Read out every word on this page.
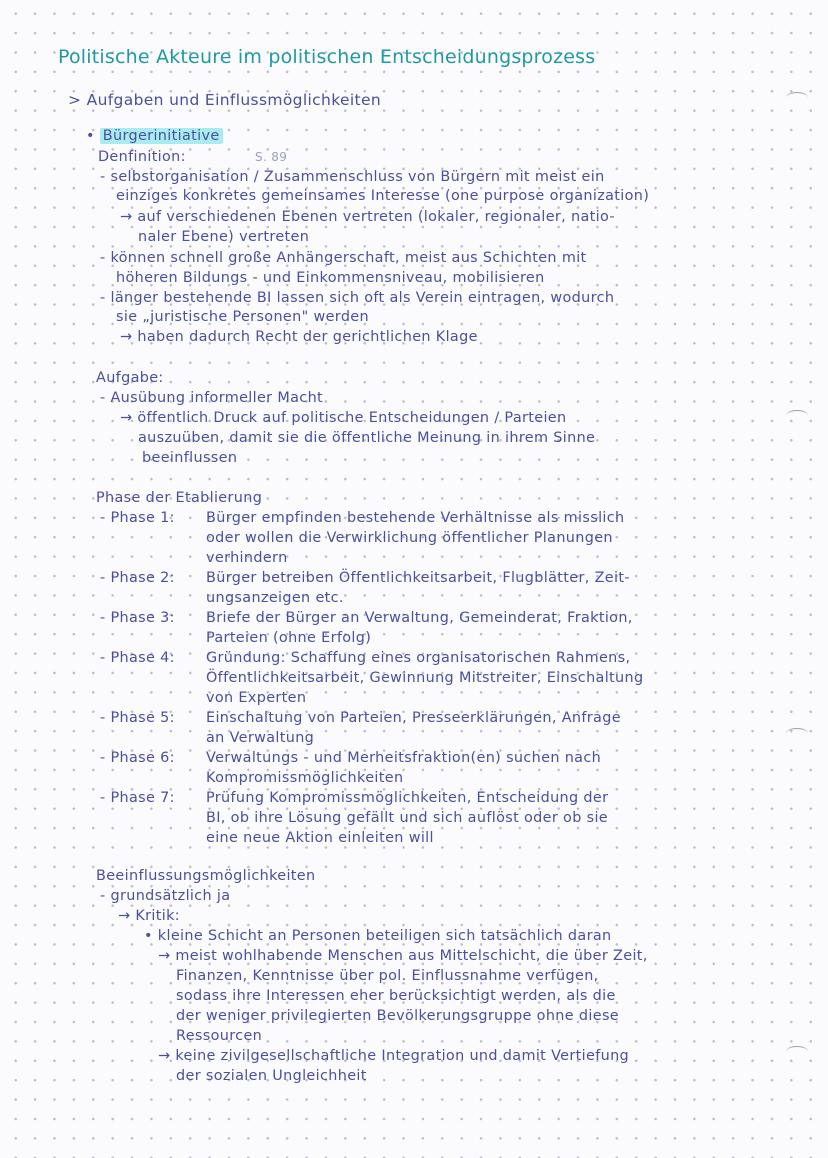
Politische Akteure im politischen Entscheidungsprozess
> Aufgaben und Einflussmöglichkeiten
• Bürgerinitiative
Denfinition:	S. 89
- selbstorganisation / Zusammenschluss von Bürgern mit meist ein
einziges konkretes gemeinsames Interesse (one purpose organization)
→ auf verschiedenen Ebenen vertreten (lokaler, regionaler, natio-
naler Ebene) vertreten
- können schnell große Anhängerschaft, meist aus Schichten mit
höheren Bildungs - und Einkommensniveau, mobilisieren
- länger bestehende BI lassen sich oft als Verein eintragen, wodurch
sie „juristische Personen" werden
→ haben dadurch Recht der gerichtlichen Klage
Aufgabe:
- Ausübung informeller Macht
→ öffentlich Druck auf politische Entscheidungen / Parteien
auszuüben, damit sie die öffentliche Meinung in ihrem Sinne
beeinflussen
Phase der Etablierung
- Phase 1: Bürger empfinden bestehende Verhältnisse als misslich
oder wollen die Verwirklichung öffentlicher Planungen
verhindern
- Phase 2: Bürger betreiben Öffentlichkeitsarbeit, Flugblätter, Zeit-
ungsanzeigen etc.
- Phase 3: Briefe der Bürger an Verwaltung, Gemeinderat, Fraktion,
Parteien (ohne Erfolg)
- Phase 4: Gründung: Schaffung eines organisatorischen Rahmens,
Öffentlichkeitsarbeit, Gewinnung Mitstreiter, Einschaltung
von Experten
- Phase 5: Einschaltung von Parteien, Presseerklärungen, Anfrage
an Verwaltung
- Phase 6: Verwaltungs - und Merheitsfraktion(en) suchen nach
Kompromissmöglichkeiten
- Phase 7: Prüfung Kompromissmöglichkeiten, Entscheidung der
BI, ob ihre Lösung gefällt und sich auflöst oder ob sie
eine neue Aktion einleiten will
Beeinflussungsmöglichkeiten
- grundsätzlich ja
→ Kritik:
• kleine Schicht an Personen beteiligen sich tatsächlich daran
→ meist wohlhabende Menschen aus Mittelschicht, die über Zeit,
Finanzen, Kenntnisse über pol. Einflussnahme verfügen,
sodass ihre Interessen eher berücksichtigt werden, als die
der weniger privilegierten Bevölkerungsgruppe ohne diese
Ressourcen
→ keine zivilgesellschaftliche Integration und damit Vertiefung
der sozialen Ungleichheit
